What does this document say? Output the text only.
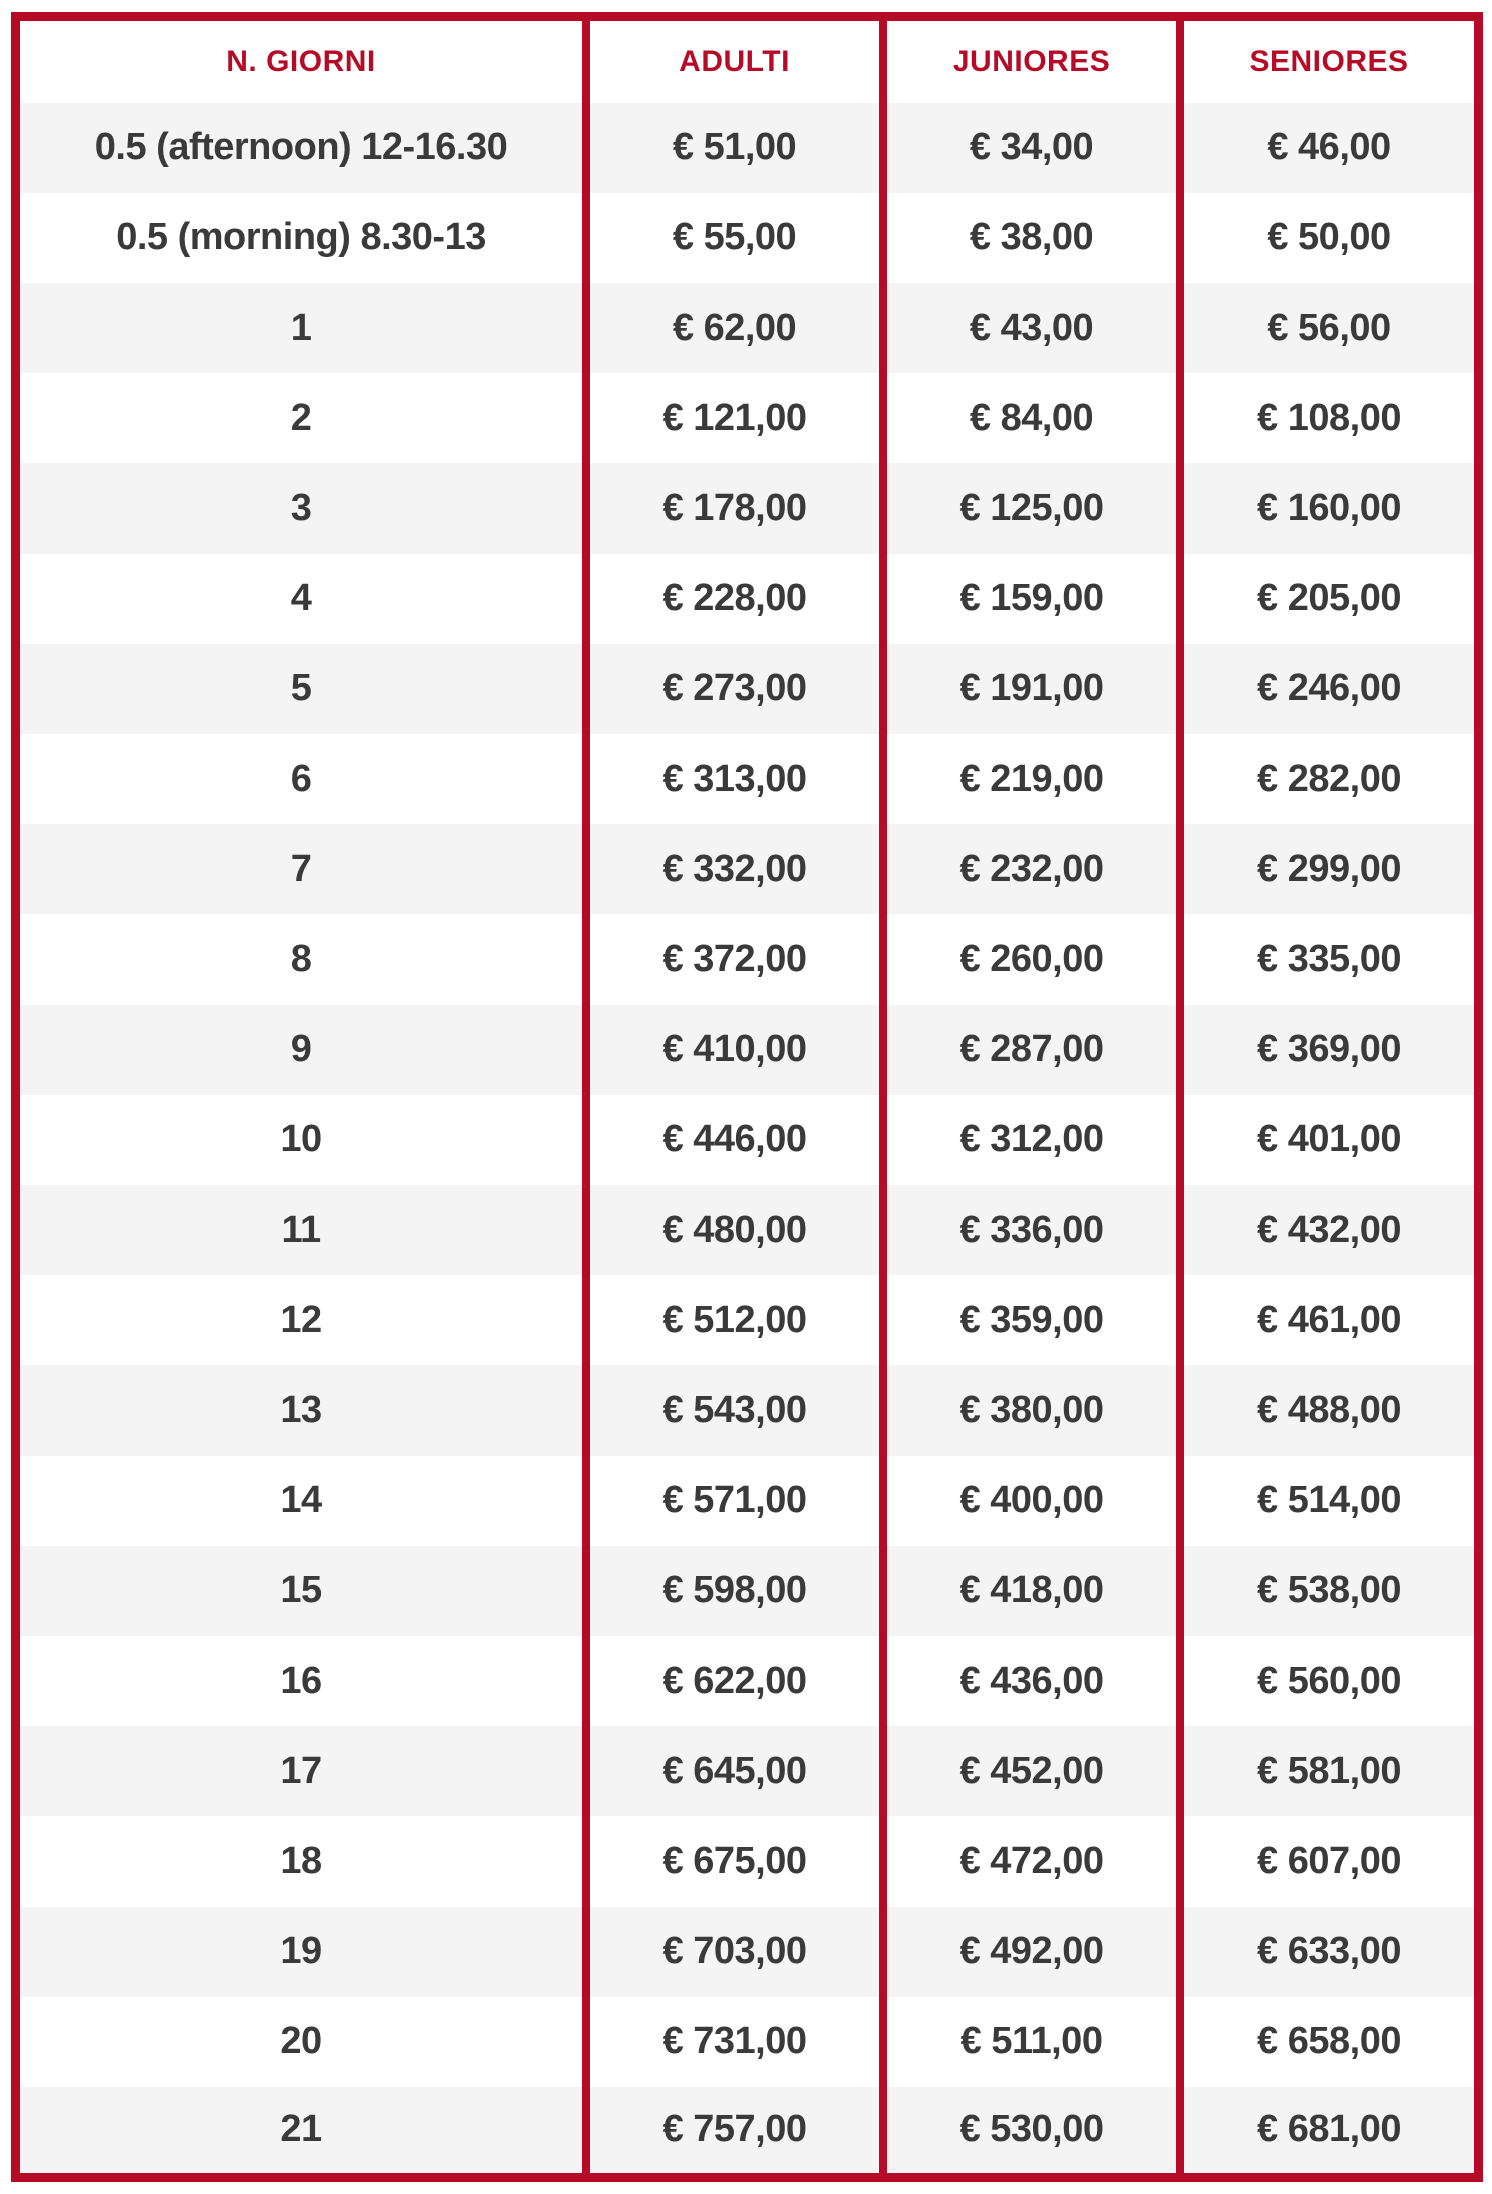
N. GIORNI	ADULTI	JUNIORES	SENIORES
0.5 (afternoon) 12-16.30	€ 51,00	€ 34,00	€ 46,00
0.5 (morning) 8.30-13	€ 55,00	€ 38,00	€ 50,00
1	€ 62,00	€ 43,00	€ 56,00
2	€ 121,00	€ 84,00	€ 108,00
3	€ 178,00	€ 125,00	€ 160,00
4	€ 228,00	€ 159,00	€ 205,00
5	€ 273,00	€ 191,00	€ 246,00
6	€ 313,00	€ 219,00	€ 282,00
7	€ 332,00	€ 232,00	€ 299,00
8	€ 372,00	€ 260,00	€ 335,00
9	€ 410,00	€ 287,00	€ 369,00
10	€ 446,00	€ 312,00	€ 401,00
11	€ 480,00	€ 336,00	€ 432,00
12	€ 512,00	€ 359,00	€ 461,00
13	€ 543,00	€ 380,00	€ 488,00
14	€ 571,00	€ 400,00	€ 514,00
15	€ 598,00	€ 418,00	€ 538,00
16	€ 622,00	€ 436,00	€ 560,00
17	€ 645,00	€ 452,00	€ 581,00
18	€ 675,00	€ 472,00	€ 607,00
19	€ 703,00	€ 492,00	€ 633,00
20	€ 731,00	€ 511,00	€ 658,00
21	€ 757,00	€ 530,00	€ 681,00
